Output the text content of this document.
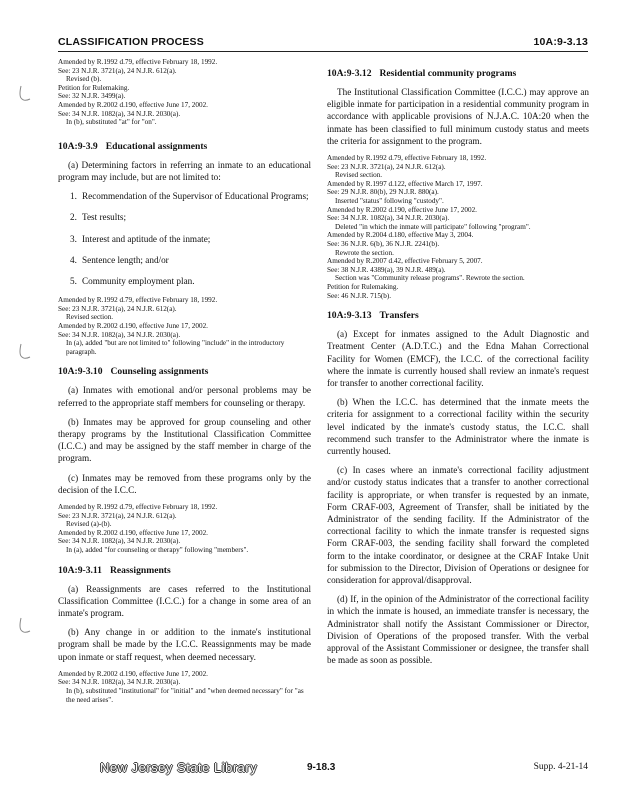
CLASSIFICATION PROCESS	10A:9-3.13
Amended by R.1992 d.79, effective February 18, 1992.
See: 23 N.J.R. 3721(a), 24 N.J.R. 612(a).
Revised (b).
Petition for Rulemaking.
See: 32 N.J.R. 3499(a).
Amended by R.2002 d.190, effective June 17, 2002.
See: 34 N.J.R. 1082(a), 34 N.J.R. 2030(a).
In (b), substituted "at" for "on".
10A:9-3.9 Educational assignments

(a) Determining factors in referring an inmate to an educational program may include, but are not limited to:

1. Recommendation of the Supervisor of Educational Programs;
2. Test results;
3. Interest and aptitude of the inmate;
4. Sentence length; and/or
5. Community employment plan.
Amended by R.1992 d.79, effective February 18, 1992.
See: 23 N.J.R. 3721(a), 24 N.J.R. 612(a).
Revised section.
Amended by R.2002 d.190, effective June 17, 2002.
See: 34 N.J.R. 1082(a), 34 N.J.R. 2030(a).
In (a), added "but are not limited to" following "include" in the introductory paragraph.
10A:9-3.10 Counseling assignments

(a) Inmates with emotional and/or personal problems may be referred to the appropriate staff members for counseling or therapy.

(b) Inmates may be approved for group counseling and other therapy programs by the Institutional Classification Committee (I.C.C.) and may be assigned by the staff member in charge of the program.

(c) Inmates may be removed from these programs only by the decision of the I.C.C.

Amended by R.1992 d.79, effective February 18, 1992.
See: 23 N.J.R. 3721(a), 24 N.J.R. 612(a).
Revised (a)-(b).
Amended by R.2002 d.190, effective June 17, 2002.
See: 34 N.J.R. 1082(a), 34 N.J.R. 2030(a).
In (a), added "for counseling or therapy" following "members".
10A:9-3.11 Reassignments

(a) Reassignments are cases referred to the Institutional Classification Committee (I.C.C.) for a change in some area of an inmate's program.

(b) Any change in or addition to the inmate's institutional program shall be made by the I.C.C. Reassignments may be made upon inmate or staff request, when deemed necessary.

Amended by R.2002 d.190, effective June 17, 2002.
See: 34 N.J.R. 1082(a), 34 N.J.R. 2030(a).
In (b), substituted "institutional" for "initial" and "when deemed necessary" for "as the need arises".
10A:9-3.12 Residential community programs

The Institutional Classification Committee (I.C.C.) may approve an eligible inmate for participation in a residential community program in accordance with applicable provisions of N.J.A.C. 10A:20 when the inmate has been classified to full minimum custody status and meets the criteria for assignment to the program.

Amended by R.1992 d.79, effective February 18, 1992.
See: 23 N.J.R. 3721(a), 24 N.J.R. 612(a).
Revised section.
Amended by R.1997 d.122, effective March 17, 1997.
See: 29 N.J.R. 80(b), 29 N.J.R. 880(a).
Inserted "status" following "custody".
Amended by R.2002 d.190, effective June 17, 2002.
See: 34 N.J.R. 1082(a), 34 N.J.R. 2030(a).
Deleted "in which the inmate will participate" following "program".
Amended by R.2004 d.180, effective May 3, 2004.
See: 36 N.J.R. 6(b), 36 N.J.R. 2241(b).
Rewrote the section.
Amended by R.2007 d.42, effective February 5, 2007.
See: 38 N.J.R. 4389(a), 39 N.J.R. 489(a).
Section was "Community release programs". Rewrote the section.
Petition for Rulemaking.
See: 46 N.J.R. 715(b).
10A:9-3.13 Transfers

(a) Except for inmates assigned to the Adult Diagnostic and Treatment Center (A.D.T.C.) and the Edna Mahan Correctional Facility for Women (EMCF), the I.C.C. of the correctional facility where the inmate is currently housed shall review an inmate's request for transfer to another correctional facility.

(b) When the I.C.C. has determined that the inmate meets the criteria for assignment to a correctional facility within the security level indicated by the inmate's custody status, the I.C.C. shall recommend such transfer to the Administrator where the inmate is currently housed.

(c) In cases where an inmate's correctional facility adjustment and/or custody status indicates that a transfer to another correctional facility is appropriate, or when transfer is requested by an inmate, Form CRAF-003, Agreement of Transfer, shall be initiated by the Administrator of the sending facility. If the Administrator of the correctional facility to which the inmate transfer is requested signs Form CRAF-003, the sending facility shall forward the completed form to the intake coordinator, or designee at the CRAF Intake Unit for submission to the Director, Division of Operations or designee for consideration for approval/disapproval.

(d) If, in the opinion of the Administrator of the correctional facility in which the inmate is housed, an immediate transfer is necessary, the Administrator shall notify the Assistant Commissioner or Director, Division of Operations of the proposed transfer. With the verbal approval of the Assistant Commissioner or designee, the transfer shall be made as soon as possible.

New Jersey State Library	9-18.3	Supp. 4-21-14
